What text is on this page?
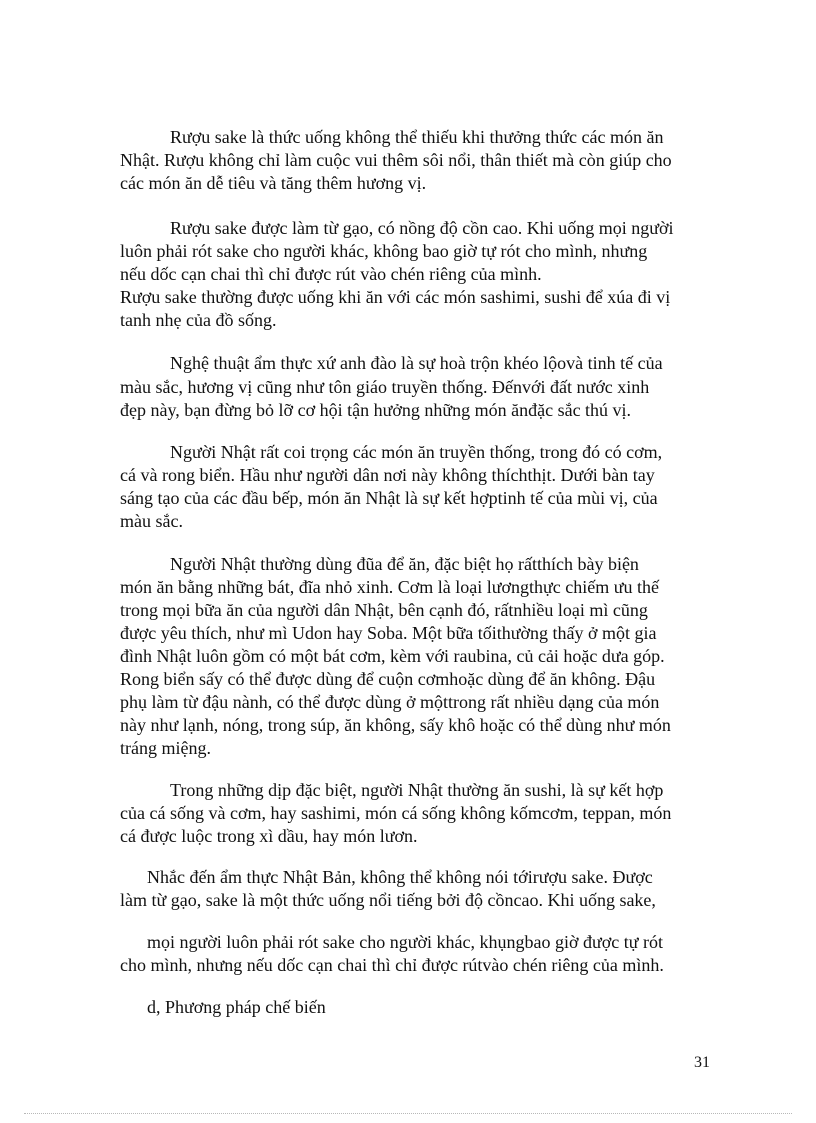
Rượu sake là thức uống không thể thiếu khi thưởng thức các món ăn
Nhật. Rượu không chỉ làm cuộc vui thêm sôi nổi, thân thiết mà còn giúp cho
các món ăn dễ tiêu và tăng thêm hương vị.
Rượu sake được làm từ gạo, có nồng độ cồn cao. Khi uống mọi người
luôn phải rót sake cho người khác, không bao giờ tự rót cho mình, nhưng
nếu dốc cạn chai thì chỉ được rút vào chén riêng của mình.
Rượu sake thường được uống khi ăn với các món sashimi, sushi để xúa đi vị
tanh nhẹ của đồ sống.
Nghệ thuật ẩm thực xứ anh đào là sự hoà trộn khéo lộovà tinh tế của
màu sắc, hương vị cũng như tôn giáo truyền thống. Đếnvới đất nước xinh
đẹp này, bạn đừng bỏ lỡ cơ hội tận hưởng những món ănđặc sắc thú vị.
Người Nhật rất coi trọng các món ăn truyền thống, trong đó có cơm,
cá và rong biển. Hầu như người dân nơi này không thíchthịt. Dưới bàn tay
sáng tạo của các đầu bếp, món ăn Nhật là sự kết hợptinh tế của mùi vị, của
màu sắc.
Người Nhật thường dùng đũa để ăn, đặc biệt họ rấtthích bày biện
món ăn bằng những bát, đĩa nhỏ xinh. Cơm là loại lươngthực chiếm ưu thế
trong mọi bữa ăn của người dân Nhật, bên cạnh đó, rấtnhiều loại mì cũng
được yêu thích, như mì Udon hay Soba. Một bữa tốithường thấy ở một gia
đình Nhật luôn gồm có một bát cơm, kèm với raubina, củ cải hoặc dưa góp.
Rong biển sấy có thể được dùng để cuộn cơmhoặc dùng để ăn không. Đậu
phụ làm từ đậu nành, có thể được dùng ở mộttrong rất nhiều dạng của món
này như lạnh, nóng, trong súp, ăn không, sấy khô hoặc có thể dùng như món
tráng miệng.
Trong những dịp đặc biệt, người Nhật thường ăn sushi, là sự kết hợp
của cá sống và cơm, hay sashimi, món cá sống không kốmcơm, teppan, món
cá được luộc trong xì dầu, hay món lươn.
Nhắc đến ẩm thực Nhật Bản, không thể không nói tớirượu sake. Được
làm từ gạo, sake là một thức uống nổi tiếng bởi độ cồncao. Khi uống sake,
mọi người luôn phải rót sake cho người khác, khụngbao giờ được tự rót
cho mình, nhưng nếu dốc cạn chai thì chỉ được rútvào chén riêng của mình.
d, Phương pháp chế biến
31
